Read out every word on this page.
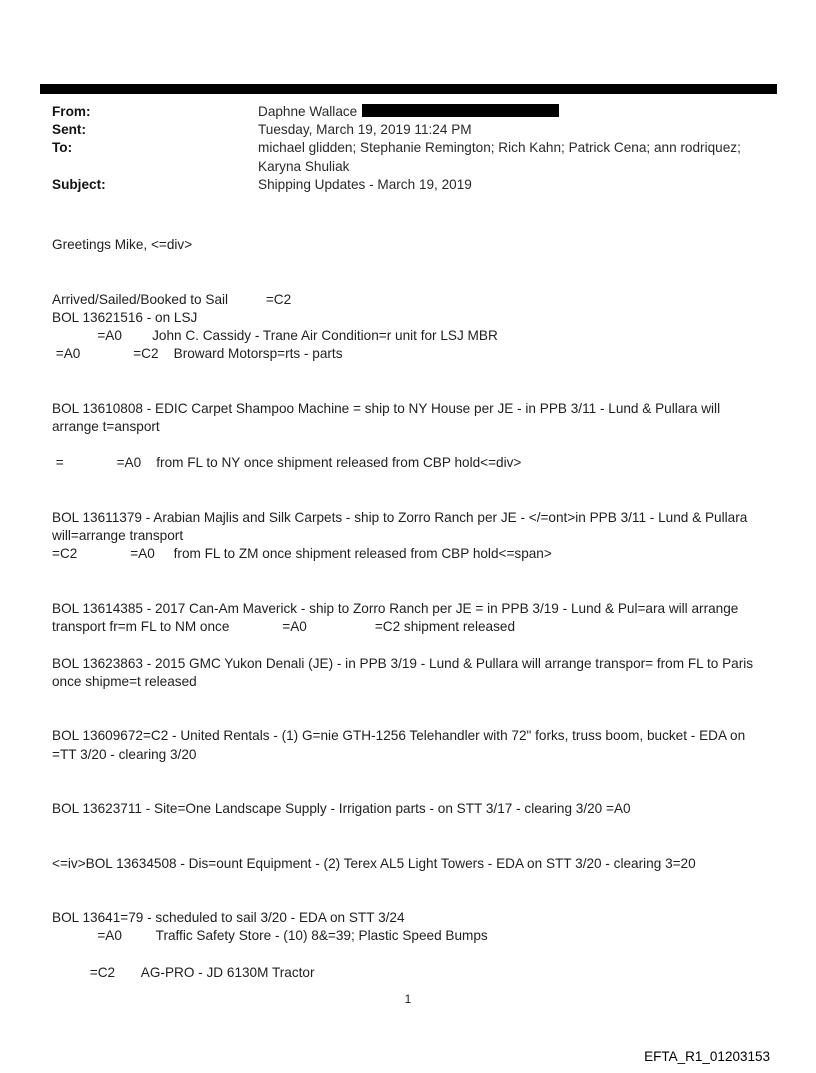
From:	Daphne Wallace
Sent:	Tuesday, March 19, 2019 11:24 PM
To:	michael glidden; Stephanie Remington; Rich Kahn; Patrick Cena; ann rodriquez; Karyna Shuliak
Subject:	Shipping Updates - March 19, 2019
Greetings Mike, <=div>
Arrived/Sailed/Booked to Sail          =C2
BOL 13621516 - on LSJ
=A0        John C. Cassidy - Trane Air Condition=r unit for LSJ MBR
=A0              =C2    Broward Motorsp=rts - parts
BOL 13610808 - EDIC Carpet Shampoo Machine = ship to NY House per JE - in PPB 3/11 - Lund & Pullara will arrange t=ansport
=              =A0    from FL to NY once shipment released from CBP hold<=div>
BOL 13611379 - Arabian Majlis and Silk Carpets - ship to Zorro Ranch per JE - </=ont>in PPB 3/11 - Lund & Pullara will=arrange transport
=C2              =A0     from FL to ZM once shipment released from CBP hold<=span>
BOL 13614385 - 2017 Can-Am Maverick - ship to Zorro Ranch per JE = in PPB 3/19 - Lund & Pul=ara will arrange transport fr=m FL to NM once              =A0                  =C2 shipment released
BOL 13623863 - 2015 GMC Yukon Denali (JE) - in PPB 3/19 - Lund & Pullara will arrange transpor= from FL to Paris once shipme=t released
BOL 13609672=C2 - United Rentals - (1) G=nie GTH-1256 Telehandler with 72" forks, truss boom, bucket - EDA on =TT 3/20 - clearing 3/20
BOL 13623711 - Site=One Landscape Supply - Irrigation parts - on STT 3/17 - clearing 3/20 =A0
<=iv>BOL 13634508 - Dis=ount Equipment - (2) Terex AL5 Light Towers - EDA on STT 3/20 - clearing 3=20
BOL 13641=79 - scheduled to sail 3/20 - EDA on STT 3/24
=A0         Traffic Safety Store - (10) 8&=39; Plastic Speed Bumps
=C2       AG-PRO - JD 6130M Tractor
1
EFTA_R1_01203153
